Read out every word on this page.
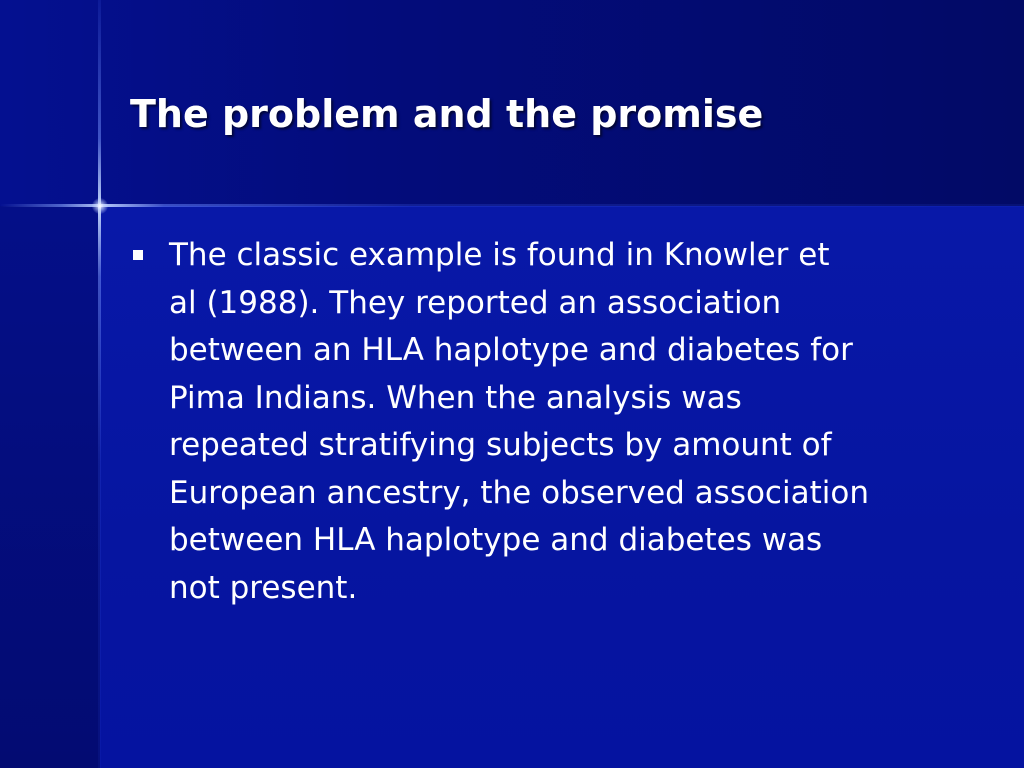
The problem and the promise

The classic example is found in Knowler et
al (1988). They reported an association
between an HLA haplotype and diabetes for
Pima Indians. When the analysis was
repeated stratifying subjects by amount of
European ancestry, the observed association
between HLA haplotype and diabetes was
not present.
